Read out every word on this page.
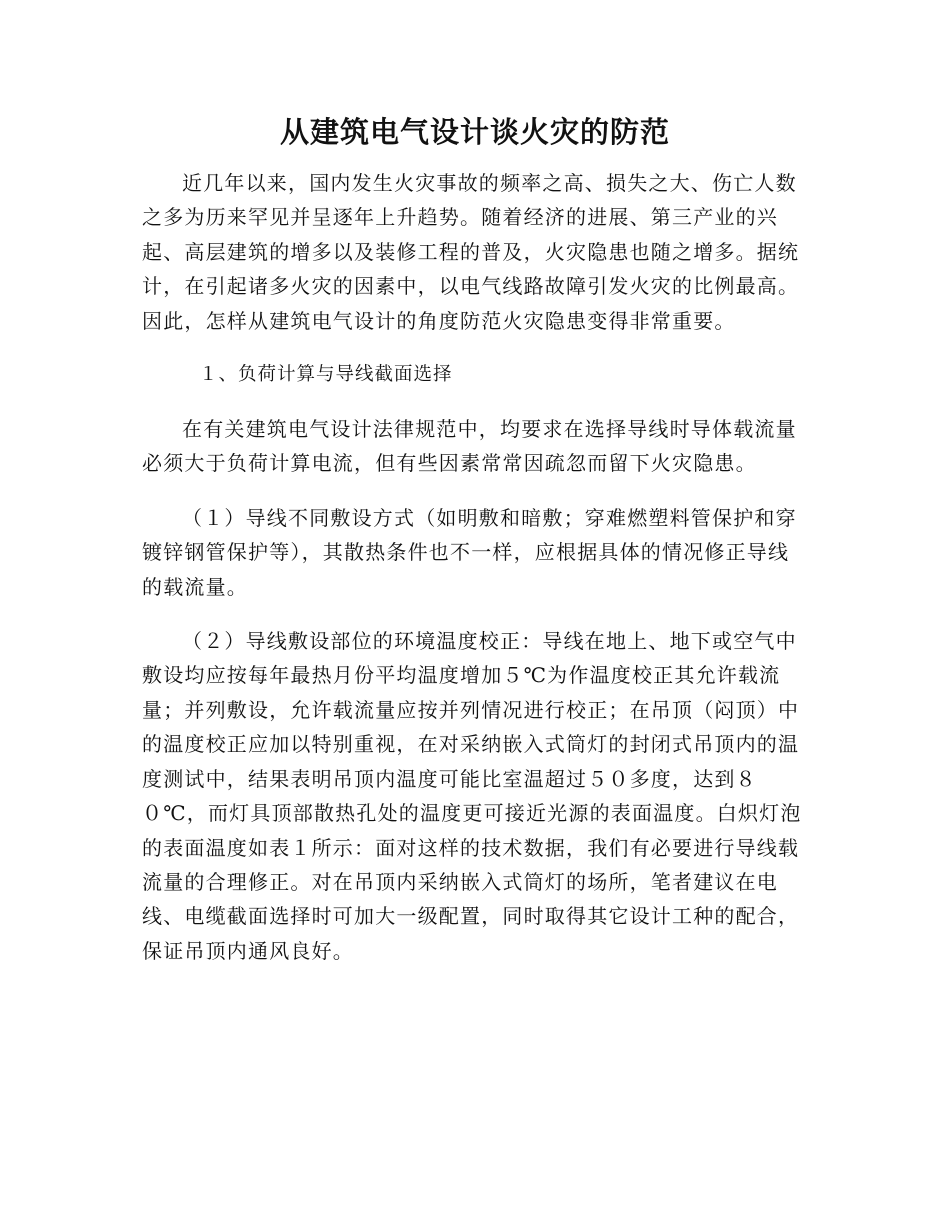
从建筑电气设计谈火灾的防范

近几年以来，国内发生火灾事故的频率之高、损失之大、伤亡人数之多为历来罕见并呈逐年上升趋势。随着经济的进展、第三产业的兴起、高层建筑的增多以及装修工程的普及，火灾隐患也随之增多。据统计，在引起诸多火灾的因素中，以电气线路故障引发火灾的比例最高。因此，怎样从建筑电气设计的角度防范火灾隐患变得非常重要。

１、负荷计算与导线截面选择

在有关建筑电气设计法律规范中，均要求在选择导线时导体载流量必须大于负荷计算电流，但有些因素常常因疏忽而留下火灾隐患。

（１）导线不同敷设方式（如明敷和暗敷；穿难燃塑料管保护和穿镀锌钢管保护等），其散热条件也不一样，应根据具体的情况修正导线的载流量。

（２）导线敷设部位的环境温度校正：导线在地上、地下或空气中敷设均应按每年最热月份平均温度增加５℃为作温度校正其允许载流量；并列敷设，允许载流量应按并列情况进行校正；在吊顶（闷顶）中的温度校正应加以特别重视，在对采纳嵌入式筒灯的封闭式吊顶内的温度测试中，结果表明吊顶内温度可能比室温超过５０多度，达到８０℃，而灯具顶部散热孔处的温度更可接近光源的表面温度。白炽灯泡的表面温度如表１所示：面对这样的技术数据，我们有必要进行导线载流量的合理修正。对在吊顶内采纳嵌入式筒灯的场所，笔者建议在电线、电缆截面选择时可加大一级配置，同时取得其它设计工种的配合，保证吊顶内通风良好。
